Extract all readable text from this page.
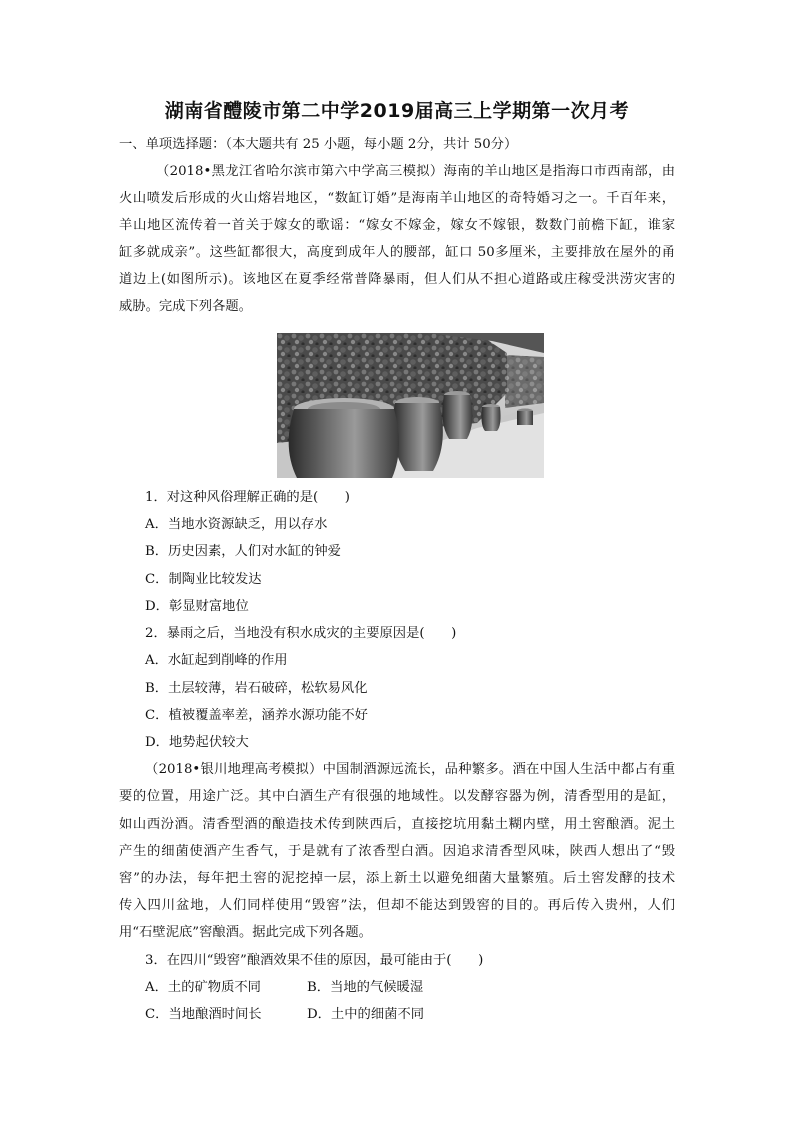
湖南省醴陵市第二中学2019届高三上学期第一次月考
一、单项选择题：（本大题共有 25 小题，每小题 2分，共计 50分）
（2018•黑龙江省哈尔滨市第六中学高三模拟）海南的羊山地区是指海口市西南部，由
火山喷发后形成的火山熔岩地区，“数缸订婚”是海南羊山地区的奇特婚习之一。千百年来，
羊山地区流传着一首关于嫁女的歌谣：“嫁女不嫁金，嫁女不嫁银，数数门前檐下缸，谁家
缸多就成亲”。这些缸都很大，高度到成年人的腰部，缸口 50多厘米，主要排放在屋外的甬
道边上(如图所示)。该地区在夏季经常普降暴雨，但人们从不担心道路或庄稼受洪涝灾害的
威胁。完成下列各题。
1．对这种风俗理解正确的是(　　)
A．当地水资源缺乏，用以存水
B．历史因素，人们对水缸的钟爱
C．制陶业比较发达
D．彰显财富地位
2．暴雨之后，当地没有积水成灾的主要原因是(　　)
A．水缸起到削峰的作用
B．土层较薄，岩石破碎，松软易风化
C．植被覆盖率差，涵养水源功能不好
D．地势起伏较大
（2018•银川地理高考模拟）中国制酒源远流长，品种繁多。酒在中国人生活中都占有重
要的位置，用途广泛。其中白酒生产有很强的地域性。以发酵容器为例，清香型用的是缸，
如山西汾酒。清香型酒的酿造技术传到陕西后，直接挖坑用黏土糊内壁，用土窖酿酒。泥土
产生的细菌使酒产生香气，于是就有了浓香型白酒。因追求清香型风味，陕西人想出了“毁
窖”的办法，每年把土窖的泥挖掉一层，添上新土以避免细菌大量繁殖。后土窖发酵的技术
传入四川盆地，人们同样使用“毁窖”法，但却不能达到毁窖的目的。再后传入贵州，人们
用“石壁泥底”窖酿酒。据此完成下列各题。
3．在四川“毁窖”酿酒效果不佳的原因，最可能由于(　　)
A．土的矿物质不同	B．当地的气候暖湿
C．当地酿酒时间长	D．土中的细菌不同
